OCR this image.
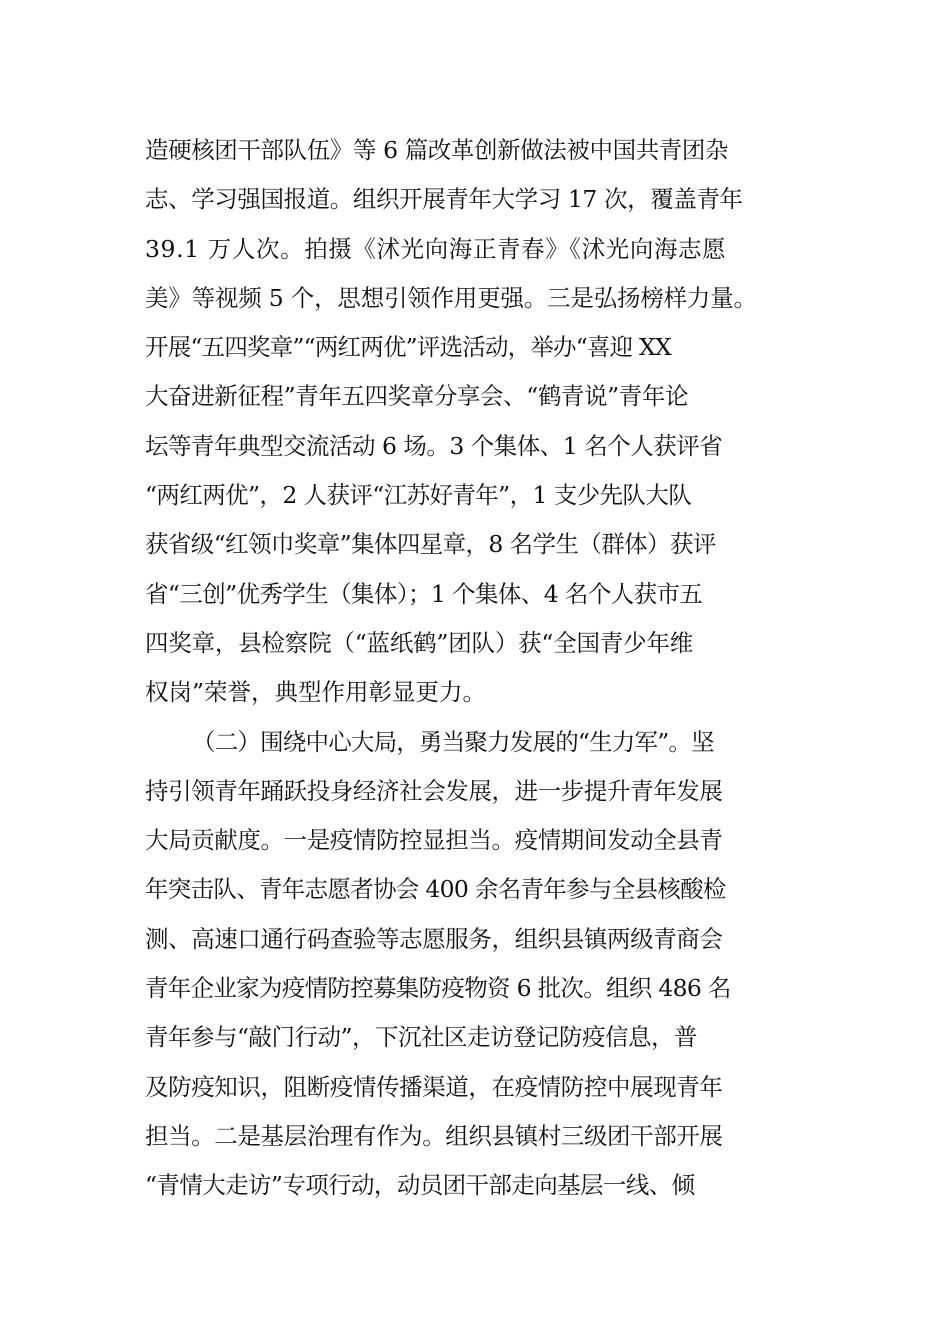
造硬核团干部队伍》等 6 篇改革创新做法被中国共青团杂
志、学习强国报道。组织开展青年大学习 17 次，覆盖青年
39.1 万人次。拍摄《沭光向海正青春》《沭光向海志愿
美》等视频 5 个，思想引领作用更强。三是弘扬榜样力量。
开展“五四奖章”“两红两优”评选活动，举办“喜迎 XX
大奋进新征程”青年五四奖章分享会、“鹤青说”青年论
坛等青年典型交流活动 6 场。3 个集体、1 名个人获评省
“两红两优”，2 人获评“江苏好青年”，1 支少先队大队
获省级“红领巾奖章”集体四星章，8 名学生（群体）获评
省“三创”优秀学生（集体）；1 个集体、4 名个人获市五
四奖章，县检察院（“蓝纸鹤”团队）获“全国青少年维
权岗”荣誉，典型作用彰显更力。
（二）围绕中心大局，勇当聚力发展的“生力军”。坚
持引领青年踊跃投身经济社会发展，进一步提升青年发展
大局贡献度。一是疫情防控显担当。疫情期间发动全县青
年突击队、青年志愿者协会 400 余名青年参与全县核酸检
测、高速口通行码查验等志愿服务，组织县镇两级青商会
青年企业家为疫情防控募集防疫物资 6 批次。组织 486 名
青年参与“敲门行动”，下沉社区走访登记防疫信息，普
及防疫知识，阻断疫情传播渠道，在疫情防控中展现青年
担当。二是基层治理有作为。组织县镇村三级团干部开展
“青情大走访”专项行动，动员团干部走向基层一线、倾
